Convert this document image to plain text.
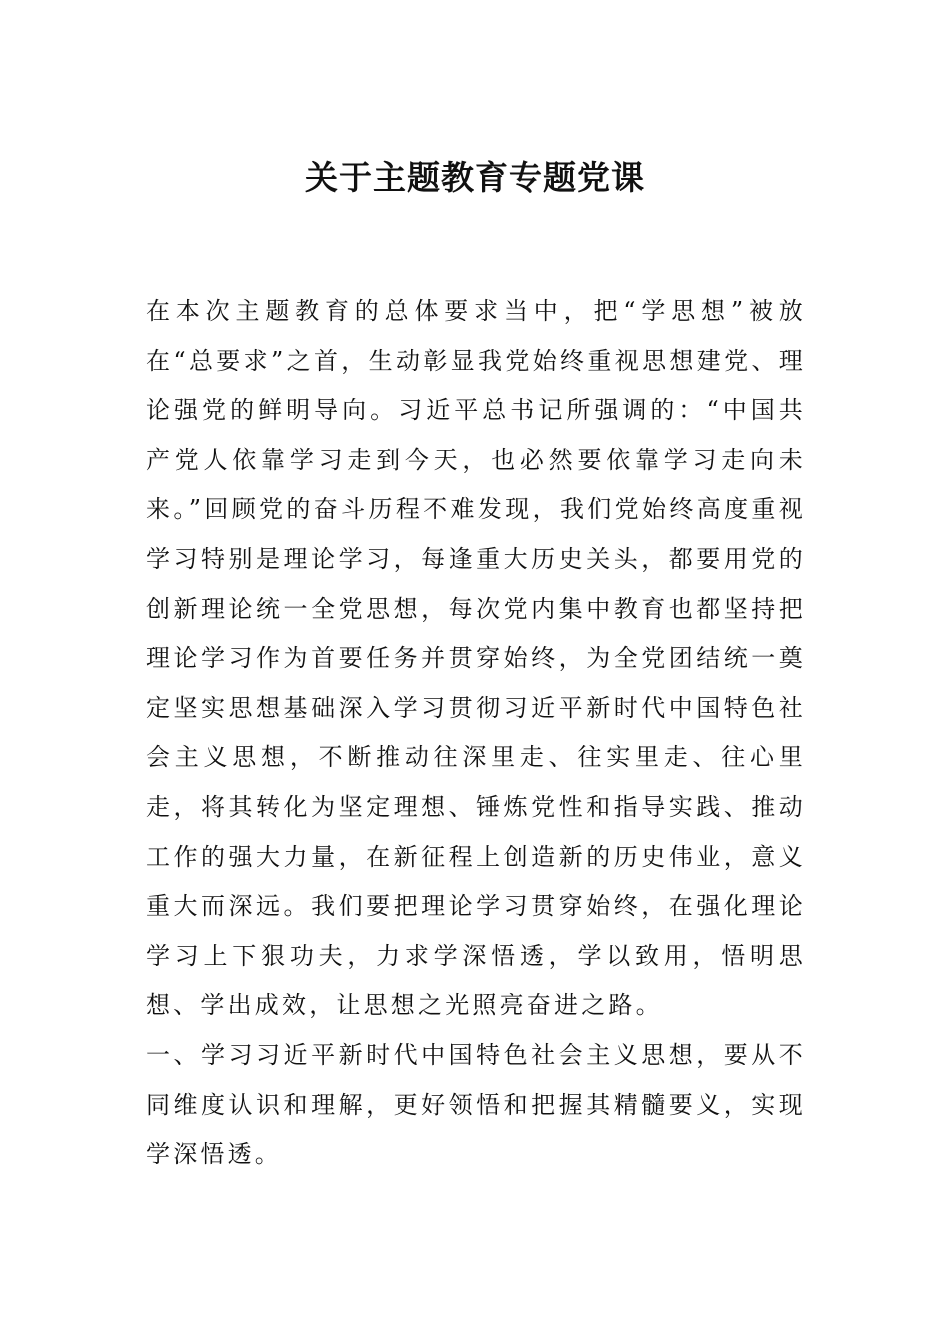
关于主题教育专题党课

在本次主题教育的总体要求当中，把“学思想”被放在“总要求”之首，生动彰显我党始终重视思想建党、理论强党的鲜明导向。习近平总书记所强调的：“中国共产党人依靠学习走到今天，也必然要依靠学习走向未来。”回顾党的奋斗历程不难发现，我们党始终高度重视学习特别是理论学习，每逢重大历史关头，都要用党的创新理论统一全党思想，每次党内集中教育也都坚持把理论学习作为首要任务并贯穿始终，为全党团结统一奠定坚实思想基础深入学习贯彻习近平新时代中国特色社会主义思想，不断推动往深里走、往实里走、往心里走，将其转化为坚定理想、锤炼党性和指导实践、推动工作的强大力量，在新征程上创造新的历史伟业，意义重大而深远。我们要把理论学习贯穿始终，在强化理论学习上下狠功夫，力求学深悟透，学以致用，悟明思想、学出成效，让思想之光照亮奋进之路。

一、学习习近平新时代中国特色社会主义思想，要从不同维度认识和理解，更好领悟和把握其精髓要义，实现学深悟透。
